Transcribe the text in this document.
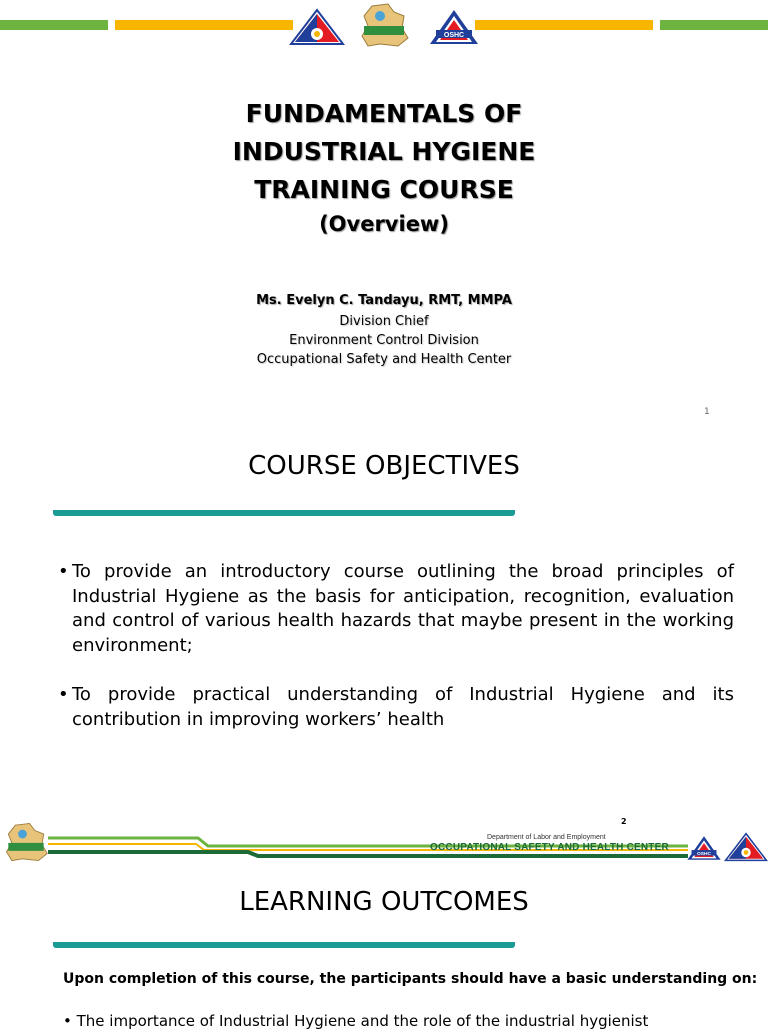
OSHC
FUNDAMENTALS OF
INDUSTRIAL HYGIENE
TRAINING COURSE
(Overview)
Ms. Evelyn C. Tandayu, RMT, MMPA
Division Chief
Environment Control Division
Occupational Safety and Health Center
1
COURSE OBJECTIVES
• To provide an introductory course outlining the broad principles of Industrial Hygiene as the basis for anticipation, recognition, evaluation and control of various health hazards that maybe present in the working environment;
• To provide practical understanding of Industrial Hygiene and its contribution in improving workers’ health
2
Department of Labor and Employment
OCCUPATIONAL SAFETY AND HEALTH CENTER
OSHC
LEARNING OUTCOMES
Upon completion of this course, the participants should have a basic understanding on:
• The importance of Industrial Hygiene and the role of the industrial hygienist
